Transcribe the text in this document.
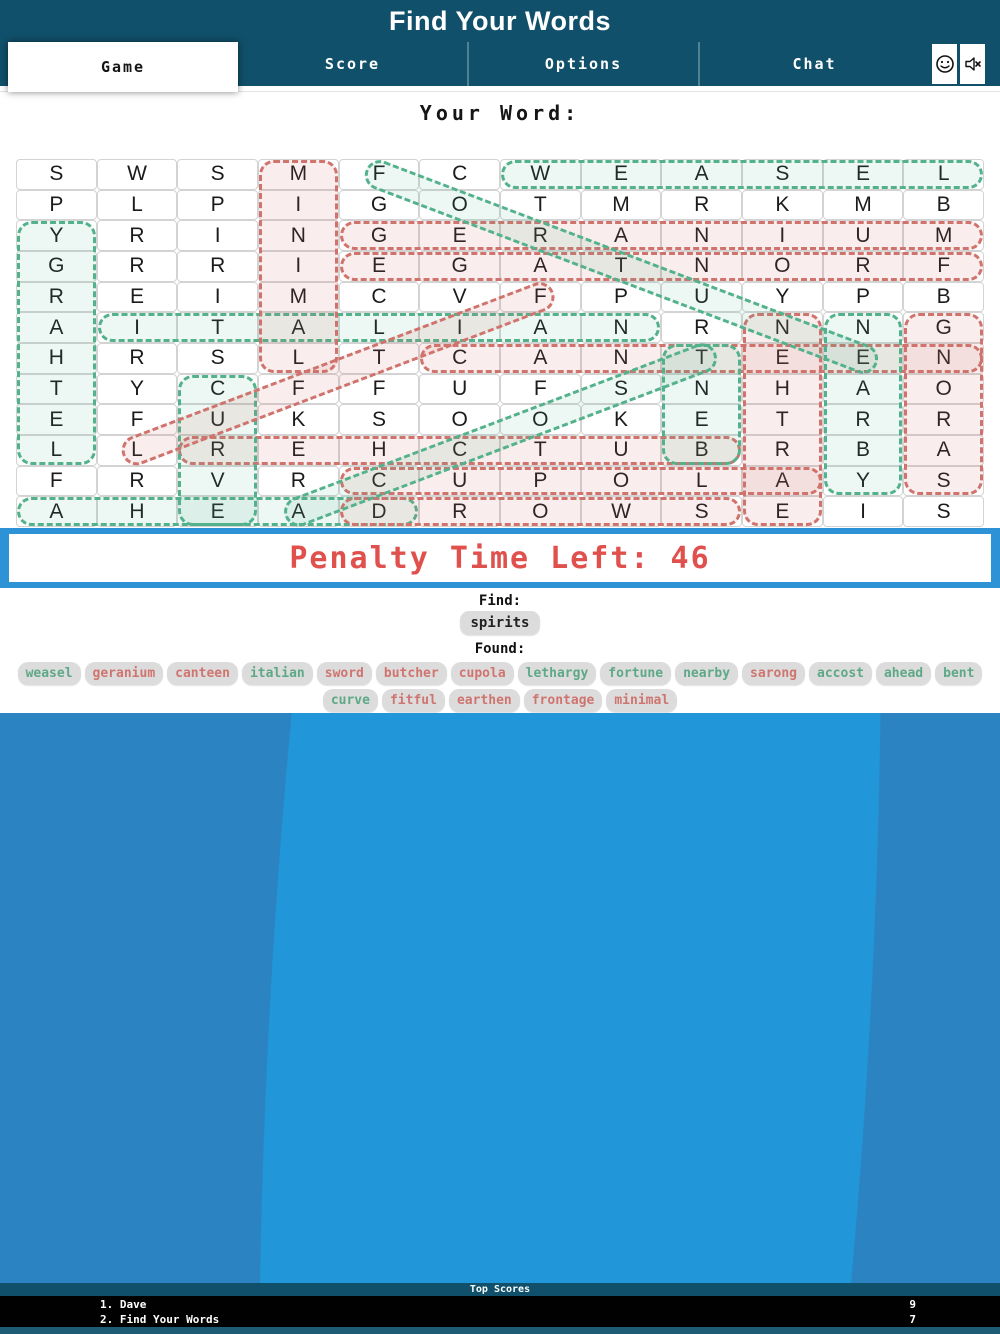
Find Your Words
Game	Score	Options	Chat
Your Word:
S	W	S	M	F	C	W	E	A	S	E	L
P	L	P	I	G	O	T	M	R	K	M	B
Y	R	I	N	G	E	R	A	N	I	U	M
G	R	R	I	E	G	A	T	N	O	R	F
R	E	I	M	C	V	F	P	U	Y	P	B
A	I	T	A	L	I	A	N	R	N	N	G
H	R	S	L	T	C	A	N	T	E	E	N
T	Y	C	F	F	U	F	S	N	H	A	O
E	F	U	K	S	O	O	K	E	T	R	R
L	L	R	E	H	C	T	U	B	R	B	A
F	R	V	R	C	U	P	O	L	A	Y	S
A	H	E	A	D	R	O	W	S	E	I	S
Penalty Time Left: 46
Find:
spirits
Found:
weasel	geranium	canteen	italian	sword	butcher	cupola	lethargy	fortune	nearby	sarong	accost	ahead	bent
curve	fitful	earthen	frontage	minimal
Top Scores
1. Dave	9
2. Find Your Words	7
